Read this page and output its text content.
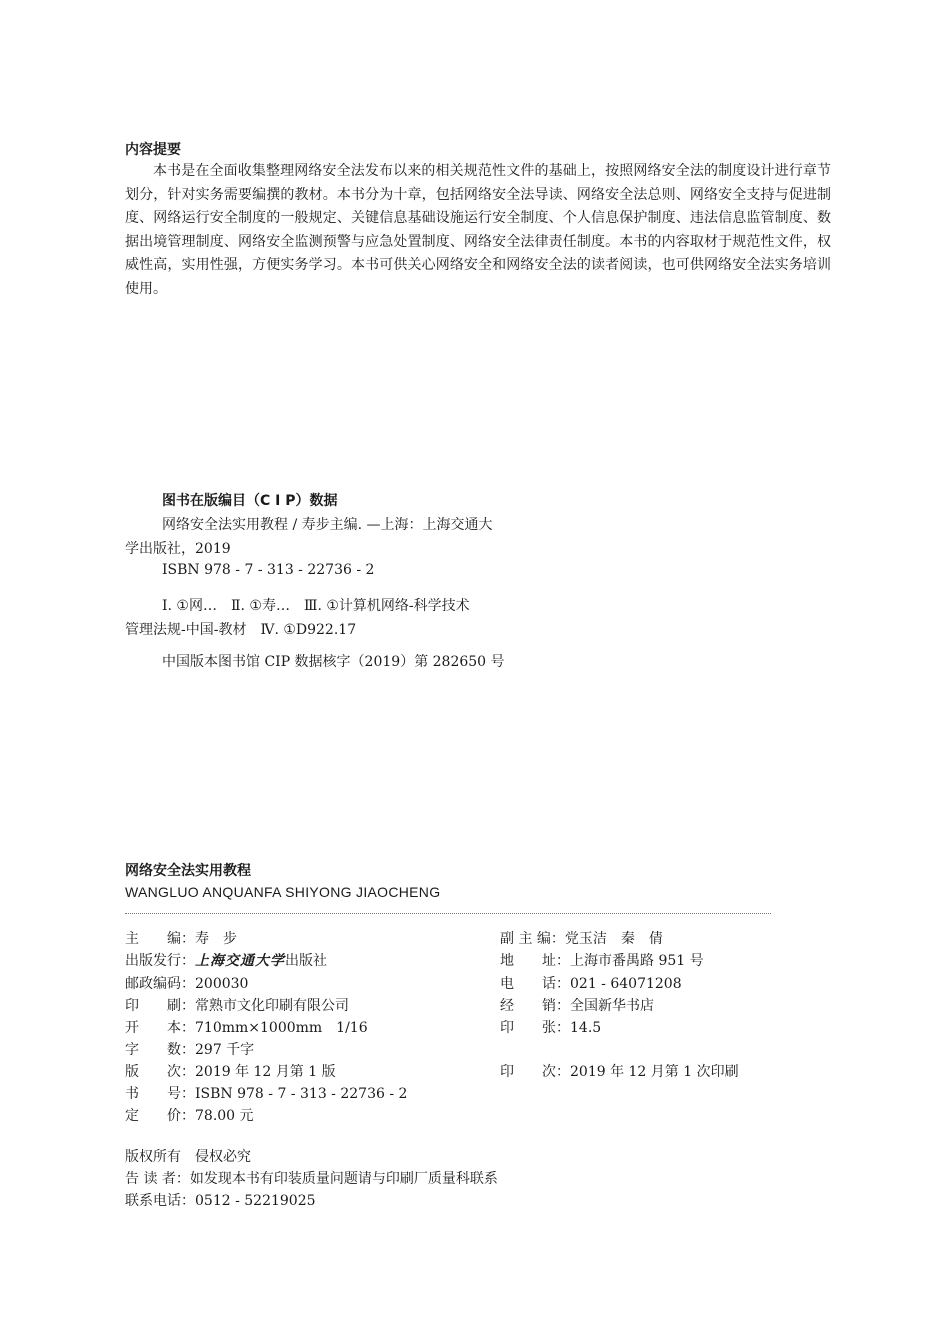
内容提要

本书是在全面收集整理网络安全法发布以来的相关规范性文件的基础上，按照网络安全法的制度设计进行章节划分，针对实务需要编撰的教材。本书分为十章，包括网络安全法导读、网络安全法总则、网络安全支持与促进制度、网络运行安全制度的一般规定、关键信息基础设施运行安全制度、个人信息保护制度、违法信息监管制度、数据出境管理制度、网络安全监测预警与应急处置制度、网络安全法律责任制度。本书的内容取材于规范性文件，权威性高，实用性强，方便实务学习。本书可供关心网络安全和网络安全法的读者阅读，也可供网络安全法实务培训使用。

图书在版编目（C I P）数据
网络安全法实用教程 / 寿步主编. —上海：上海交通大
学出版社，2019
ISBN 978 - 7 - 313 - 22736 - 2
Ⅰ. ①网…　Ⅱ. ①寿…　Ⅲ. ①计算机网络-科学技术
管理法规-中国-教材　Ⅳ. ①D922.17
中国版本图书馆 CIP 数据核字（2019）第 282650 号
网络安全法实用教程
WANGLUO ANQUANFA SHIYONG JIAOCHENG
主　　编：寿　步
出版发行：上海交通大学出版社
邮政编码：200030
印　　刷：常熟市文化印刷有限公司
开　　本：710mm×1000mm　1/16
字　　数：297 千字
版　　次：2019 年 12 月第 1 版
书　　号：ISBN 978 - 7 - 313 - 22736 - 2
定　　价：78.00 元
副 主 编：党玉洁　秦　倩
地　　址：上海市番禺路 951 号
电　　话：021 - 64071208
经　　销：全国新华书店
印　　张：14.5
印　　次：2019 年 12 月第 1 次印刷
版权所有　侵权必究
告 读 者：如发现本书有印装质量问题请与印刷厂质量科联系
联系电话：0512 - 52219025
